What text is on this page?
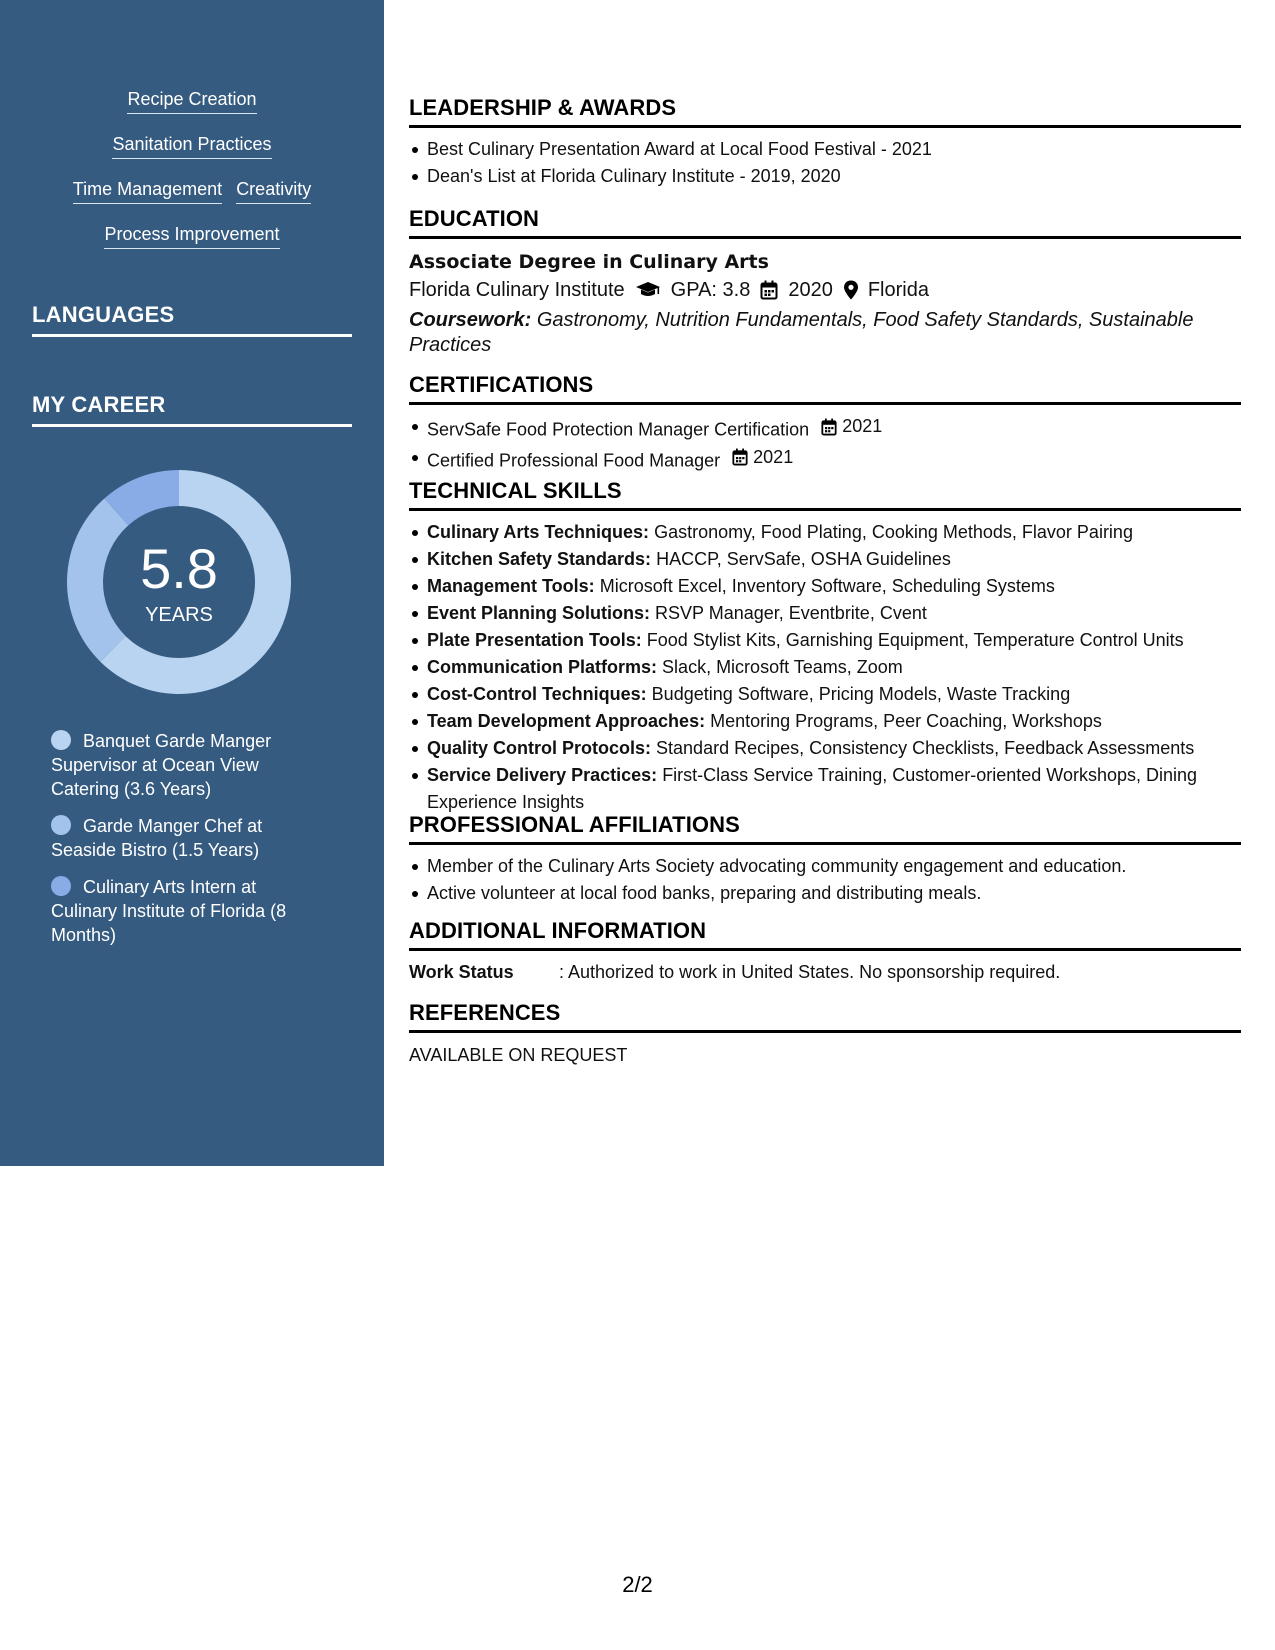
Recipe Creation
Sanitation Practices
Time Management Creativity
Process Improvement
LANGUAGES
MY CAREER
5.8
YEARS
Banquet Garde Manger Supervisor at Ocean View Catering (3.6 Years)
Garde Manger Chef at Seaside Bistro (1.5 Years)
Culinary Arts Intern at Culinary Institute of Florida (8 Months)
LEADERSHIP & AWARDS
Best Culinary Presentation Award at Local Food Festival - 2021
Dean's List at Florida Culinary Institute - 2019, 2020
EDUCATION
Associate Degree in Culinary Arts
Florida Culinary Institute GPA: 3.8 2020 Florida
Coursework: Gastronomy, Nutrition Fundamentals, Food Safety Standards, Sustainable Practices
CERTIFICATIONS
ServSafe Food Protection Manager Certification 2021
Certified Professional Food Manager 2021
TECHNICAL SKILLS
Culinary Arts Techniques: Gastronomy, Food Plating, Cooking Methods, Flavor Pairing
Kitchen Safety Standards: HACCP, ServSafe, OSHA Guidelines
Management Tools: Microsoft Excel, Inventory Software, Scheduling Systems
Event Planning Solutions: RSVP Manager, Eventbrite, Cvent
Plate Presentation Tools: Food Stylist Kits, Garnishing Equipment, Temperature Control Units
Communication Platforms: Slack, Microsoft Teams, Zoom
Cost-Control Techniques: Budgeting Software, Pricing Models, Waste Tracking
Team Development Approaches: Mentoring Programs, Peer Coaching, Workshops
Quality Control Protocols: Standard Recipes, Consistency Checklists, Feedback Assessments
Service Delivery Practices: First-Class Service Training, Customer-oriented Workshops, Dining Experience Insights
PROFESSIONAL AFFILIATIONS
Member of the Culinary Arts Society advocating community engagement and education.
Active volunteer at local food banks, preparing and distributing meals.
ADDITIONAL INFORMATION
Work Status	: Authorized to work in United States. No sponsorship required.
REFERENCES
AVAILABLE ON REQUEST
2/2
